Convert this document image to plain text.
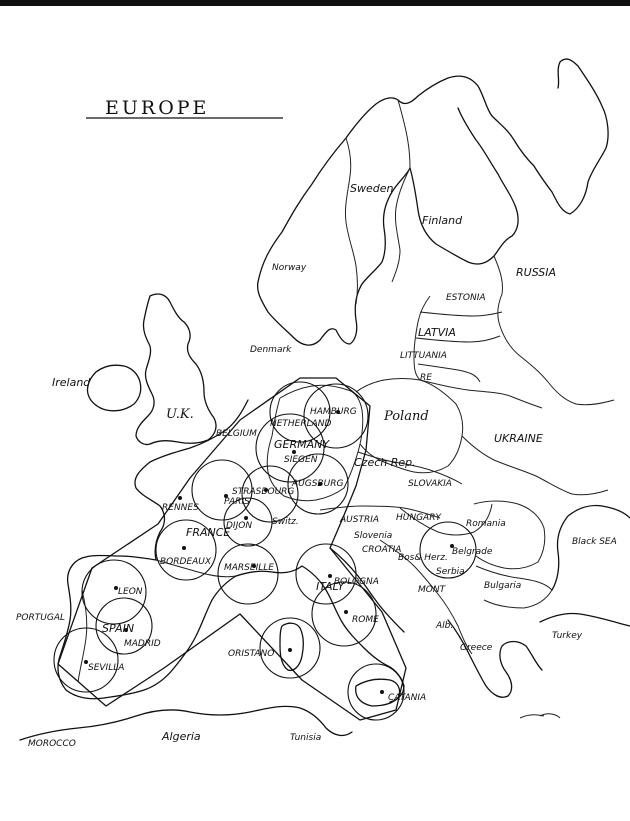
EUROPE
Ireland
U.K.
Denmark
Norway
Sweden
Finland
RUSSIA
ESTONIA
LATVIA
LITTUANIA
RE
Poland
UKRAINE
BELGIUM
NETHERLAND
GERMANY
Czech Rep.
SLOVAKIA
FRANCE
Switz.	AUSTRIA HUNGARY
Romania
Slovenia
CROATIA
Bos& Herz.
Serbia
MONT	Bulgaria
Black SEA
Alb.
Greece
Turkey
ITALY
PORTUGAL
SPAIN
MOROCCO
Algeria	Tunisia
HAMBURG
SIEGEN
AUGSBURG
STRASBOURG
PARIS
DIJON
RENNES
BORDEAUX
MARSEILLE
BOLOGNA
ROME
ORISTANO
CATANIA
Belgrade
LEON
MADRID
SEVILLA
